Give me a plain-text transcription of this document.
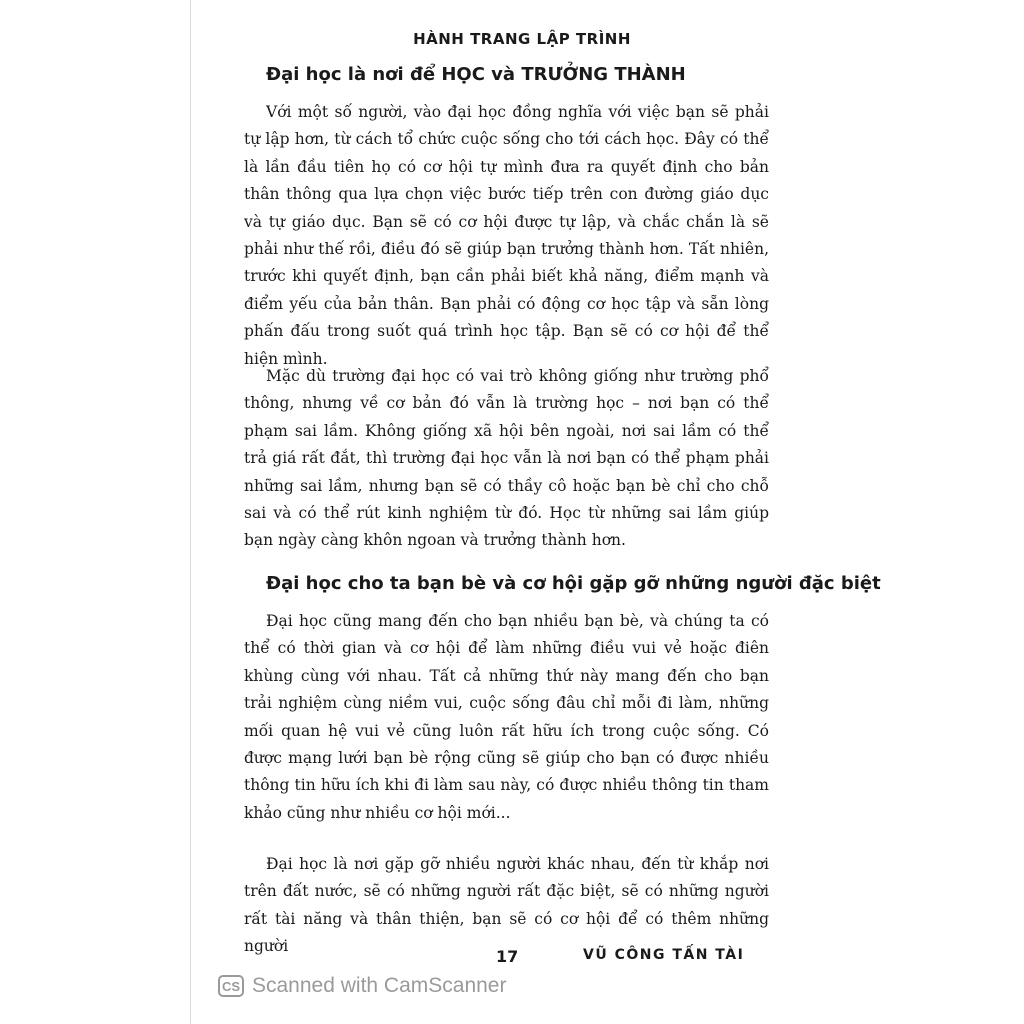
HÀNH TRANG LẬP TRÌNH
Đại học là nơi để HỌC và TRƯỞNG THÀNH

Với một số người, vào đại học đồng nghĩa với việc bạn sẽ phải tự lập hơn, từ cách tổ chức cuộc sống cho tới cách học. Đây có thể là lần đầu tiên họ có cơ hội tự mình đưa ra quyết định cho bản thân thông qua lựa chọn việc bước tiếp trên con đường giáo dục và tự giáo dục. Bạn sẽ có cơ hội được tự lập, và chắc chắn là sẽ phải như thế rồi, điều đó sẽ giúp bạn trưởng thành hơn. Tất nhiên, trước khi quyết định, bạn cần phải biết khả năng, điểm mạnh và điểm yếu của bản thân. Bạn phải có động cơ học tập và sẵn lòng phấn đấu trong suốt quá trình học tập. Bạn sẽ có cơ hội để thể hiện mình.

Mặc dù trường đại học có vai trò không giống như trường phổ thông, nhưng về cơ bản đó vẫn là trường học – nơi bạn có thể phạm sai lầm. Không giống xã hội bên ngoài, nơi sai lầm có thể trả giá rất đắt, thì trường đại học vẫn là nơi bạn có thể phạm phải những sai lầm, nhưng bạn sẽ có thầy cô hoặc bạn bè chỉ cho chỗ sai và có thể rút kinh nghiệm từ đó. Học từ những sai lầm giúp bạn ngày càng khôn ngoan và trưởng thành hơn.

Đại học cho ta bạn bè và cơ hội gặp gỡ những người đặc biệt

Đại học cũng mang đến cho bạn nhiều bạn bè, và chúng ta có thể có thời gian và cơ hội để làm những điều vui vẻ hoặc điên khùng cùng với nhau. Tất cả những thứ này mang đến cho bạn trải nghiệm cùng niềm vui, cuộc sống đâu chỉ mỗi đi làm, những mối quan hệ vui vẻ cũng luôn rất hữu ích trong cuộc sống. Có được mạng lưới bạn bè rộng cũng sẽ giúp cho bạn có được nhiều thông tin hữu ích khi đi làm sau này, có được nhiều thông tin tham khảo cũng như nhiều cơ hội mới...

Đại học là nơi gặp gỡ nhiều người khác nhau, đến từ khắp nơi trên đất nước, sẽ có những người rất đặc biệt, sẽ có những người rất tài năng và thân thiện, bạn sẽ có cơ hội để có thêm những người

17	VŨ CÔNG TẤN TÀI
CS Scanned with CamScanner
